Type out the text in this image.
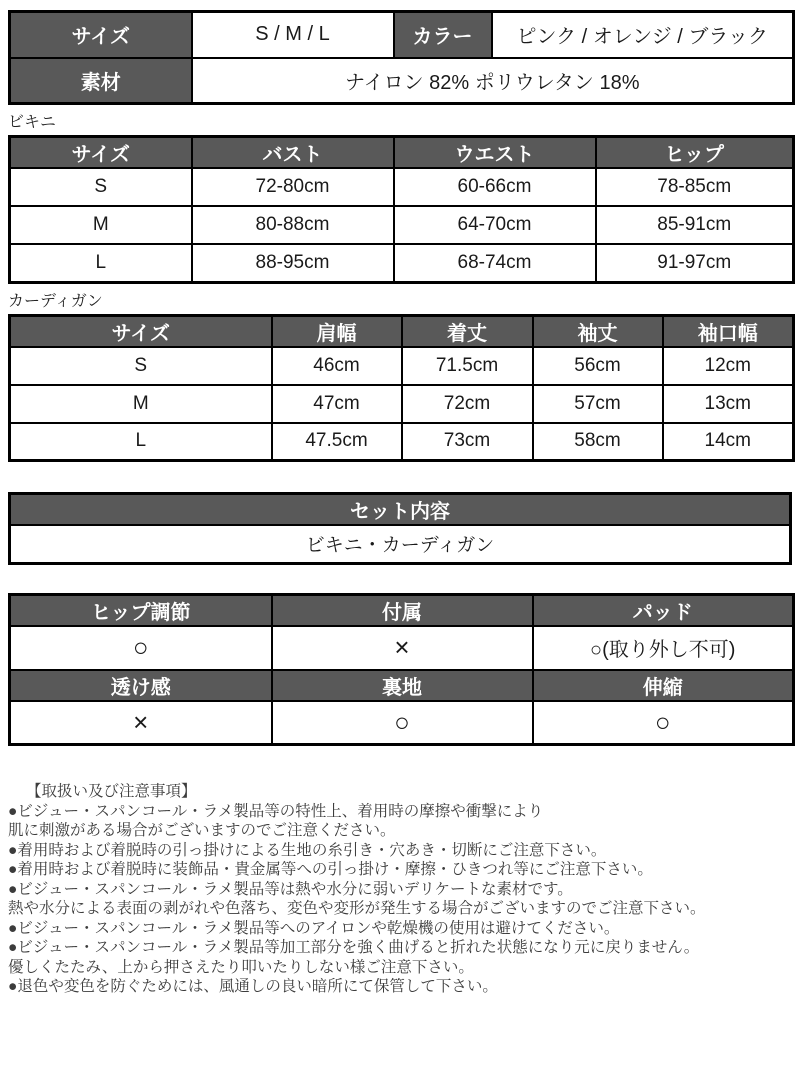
サイズ	S / M / L	カラー	ピンク / オレンジ / ブラック
素材	ナイロン 82% ポリウレタン 18%		
ビキニ
サイズ	バスト	ウエスト	ヒップ
S	72-80cm	60-66cm	78-85cm
M	80-88cm	64-70cm	85-91cm
L	88-95cm	68-74cm	91-97cm
カーディガン
サイズ	肩幅	着丈	袖丈	袖口幅
S	46cm	71.5cm	56cm	12cm
M	47cm	72cm	57cm	13cm
L	47.5cm	73cm	58cm	14cm
セット内容
ビキニ・カーディガン
ヒップ調節	付属	パッド
○	×	○(取り外し不可)
透け感	裏地	伸縮
×	○	○
【取扱い及び注意事項】
●ビジュー・スパンコール・ラメ製品等の特性上、着用時の摩擦や衝撃により
肌に刺激がある場合がございますのでご注意ください。
●着用時および着脱時の引っ掛けによる生地の糸引き・穴あき・切断にご注意下さい。
●着用時および着脱時に装飾品・貴金属等への引っ掛け・摩擦・ひきつれ等にご注意下さい。
●ビジュー・スパンコール・ラメ製品等は熱や水分に弱いデリケートな素材です。
熱や水分による表面の剥がれや色落ち、変色や変形が発生する場合がございますのでご注意下さい。
●ビジュー・スパンコール・ラメ製品等へのアイロンや乾燥機の使用は避けてください。
●ビジュー・スパンコール・ラメ製品等加工部分を強く曲げると折れた状態になり元に戻りません。
優しくたたみ、上から押さえたり叩いたりしない様ご注意下さい。
●退色や変色を防ぐためには、風通しの良い暗所にて保管して下さい。
